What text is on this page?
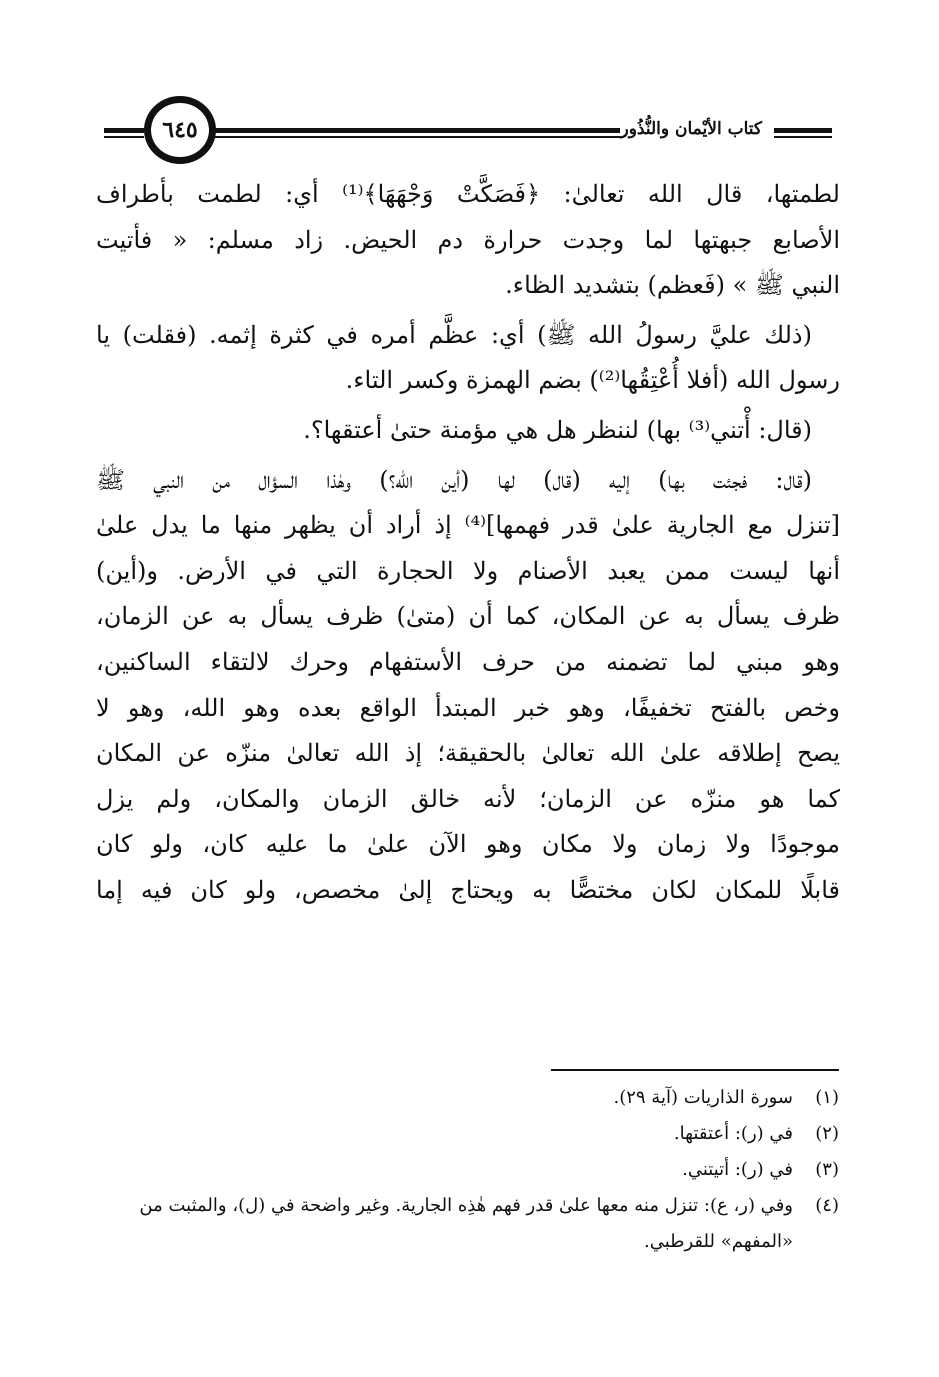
كتاب الأيْمان والنُّذُور
٦٤٥

لطمتها، قال الله تعالىٰ: ﴿فَصَكَّتْ وَجْهَهَا﴾⁽¹⁾ أي: لطمت بأطراف
الأصابع جبهتها لما وجدت حرارة دم الحيض. زاد مسلم: « فأتيت
النبي ﷺ » (فَعظم) بتشديد الظاء.

(ذلك عليَّ رسولُ الله ﷺ) أي: عظَّم أمره في كثرة إثمه. (فقلت) يا
رسول الله (أفلا أُعْتِقُها⁽²⁾) بضم الهمزة وكسر التاء.

(قال: أْتني⁽³⁾ بها) لننظر هل هي مؤمنة حتىٰ أعتقها؟.

(قال: فجئت بها) إليه (قال) لها (أين الله؟) وهٰذا السؤال من النبي ﷺ
[تنزل مع الجارية علىٰ قدر فهمها]⁽⁴⁾ إذ أراد أن يظهر منها ما يدل علىٰ
أنها ليست ممن يعبد الأصنام ولا الحجارة التي في الأرض. و(أين)
ظرف يسأل به عن المكان، كما أن (متىٰ) ظرف يسأل به عن الزمان،
وهو مبني لما تضمنه من حرف الأستفهام وحرك لالتقاء الساكنين،
وخص بالفتح تخفيفًا، وهو خبر المبتدأ الواقع بعده وهو الله، وهو لا
يصح إطلاقه علىٰ الله تعالىٰ بالحقيقة؛ إذ الله تعالىٰ منزّه عن المكان
كما هو منزّه عن الزمان؛ لأنه خالق الزمان والمكان، ولم يزل
موجودًا ولا زمان ولا مكان وهو الآن علىٰ ما عليه كان، ولو كان
قابلًا للمكان لكان مختصًّا به ويحتاج إلىٰ مخصص، ولو كان فيه إما

(١)
سورة الذاريات (آية ٢٩).
(٢)
في (ر): أعتقتها.
(٣)
في (ر): أتيتني.
(٤)
وفي (ر، ع): تنزل منه معها علىٰ قدر فهم هٰذِه الجارية. وغير واضحة في (ل)، والمثبت من «المفهم» للقرطبي.
